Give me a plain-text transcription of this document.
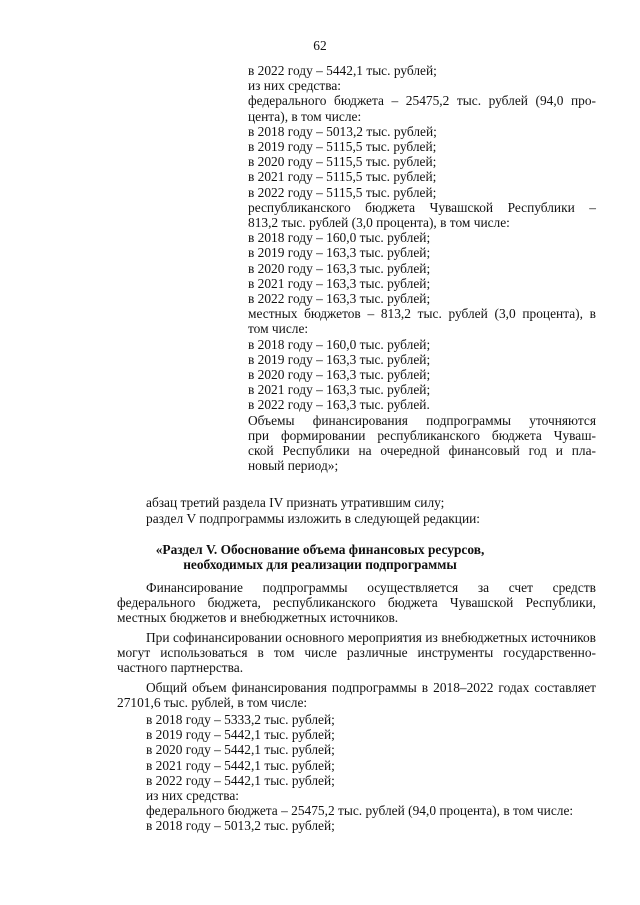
62
в 2022 году – 5442,1 тыс. рублей;
из них средства:
федерального бюджета – 25475,2 тыс. рублей (94,0 про-
цента), в том числе:
в 2018 году – 5013,2 тыс. рублей;
в 2019 году – 5115,5 тыс. рублей;
в 2020 году – 5115,5 тыс. рублей;
в 2021 году – 5115,5 тыс. рублей;
в 2022 году – 5115,5 тыс. рублей;
республиканского бюджета Чувашской Республики –
813,2 тыс. рублей (3,0 процента), в том числе:
в 2018 году – 160,0 тыс. рублей;
в 2019 году – 163,3 тыс. рублей;
в 2020 году – 163,3 тыс. рублей;
в 2021 году – 163,3 тыс. рублей;
в 2022 году – 163,3 тыс. рублей;
местных бюджетов – 813,2 тыс. рублей (3,0 процента), в
том числе:
в 2018 году – 160,0 тыс. рублей;
в 2019 году – 163,3 тыс. рублей;
в 2020 году – 163,3 тыс. рублей;
в 2021 году – 163,3 тыс. рублей;
в 2022 году – 163,3 тыс. рублей.
Объемы финансирования подпрограммы уточняются
при формировании республиканского бюджета Чуваш-
ской Республики на очередной финансовый год и пла-
новый период»;
абзац третий раздела IV признать утратившим силу;
раздел V подпрограммы изложить в следующей редакции:
«Раздел V. Обоснование объема финансовых ресурсов,
необходимых для реализации подпрограммы
Финансирование подпрограммы осуществляется за счет средств федерального бюджета, республиканского бюджета Чувашской Республики, местных бюджетов и внебюджетных источников.
При софинансировании основного мероприятия из внебюджетных источников могут использоваться в том числе различные инструменты государственно-частного партнерства.
Общий объем финансирования подпрограммы в 2018–2022 годах составляет 27101,6 тыс. рублей, в том числе:
в 2018 году – 5333,2 тыс. рублей;
в 2019 году – 5442,1 тыс. рублей;
в 2020 году – 5442,1 тыс. рублей;
в 2021 году – 5442,1 тыс. рублей;
в 2022 году – 5442,1 тыс. рублей;
из них средства:
федерального бюджета – 25475,2 тыс. рублей (94,0 процента), в том числе:
в 2018 году – 5013,2 тыс. рублей;
